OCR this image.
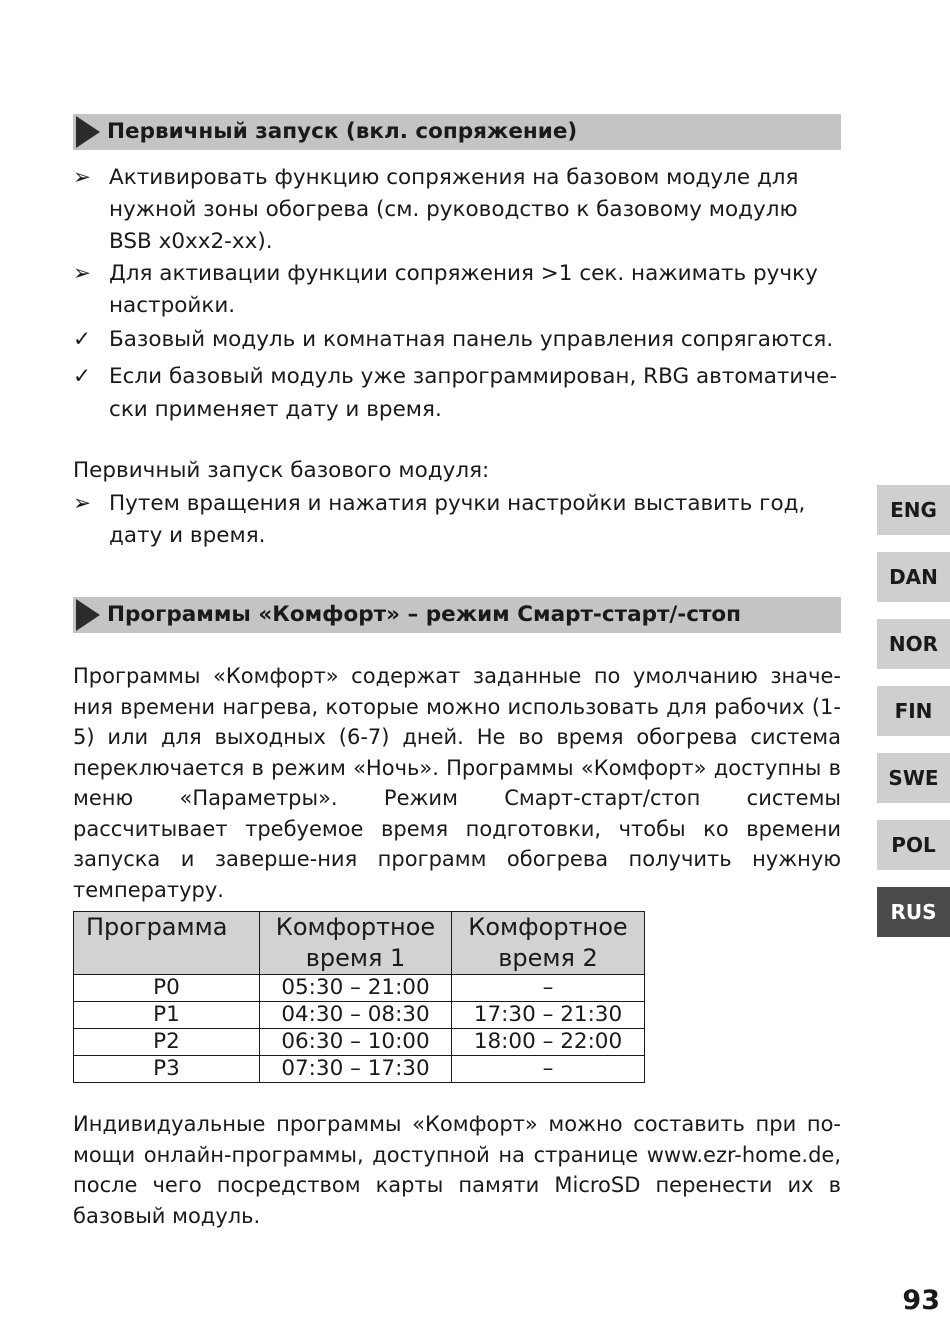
Первичный запуск (вкл. сопряжение)
➢ Активировать функцию сопряжения на базовом модуле для нужной зоны обогрева (см. руководство к базовому модулю BSB x0xx2-xx).
➢ Для активации функции сопряжения >1 сек. нажимать ручку настройки.
✓ Базовый модуль и комнатная панель управления сопрягаются.
✓ Если базовый модуль уже запрограммирован, RBG автоматиче-ски применяет дату и время.
Первичный запуск базового модуля:
➢ Путем вращения и нажатия ручки настройки выставить год, дату и время.
Программы «Комфорт» – режим Смарт-старт/-стоп
Программы «Комфорт» содержат заданные по умолчанию значе-ния времени нагрева, которые можно использовать для рабочих (1-5) или для выходных (6-7) дней. Не во время обогрева система переключается в режим «Ночь». Программы «Комфорт» доступны в меню «Параметры». Режим Смарт-старт/стоп системы рассчитывает требуемое время подготовки, чтобы ко времени запуска и заверше-ния программ обогрева получить нужную температуру.
Программа	Комфортное время 1	Комфортное время 2
P0	05:30 – 21:00	–
P1	04:30 – 08:30	17:30 – 21:30
P2	06:30 – 10:00	18:00 – 22:00
P3	07:30 – 17:30	–
Индивидуальные программы «Комфорт» можно составить при по-мощи онлайн-программы, доступной на странице www.ezr-home.de, после чего посредством карты памяти MicroSD перенести их в базовый модуль.
ENG
DAN
NOR
FIN
SWE
POL
RUS
93
